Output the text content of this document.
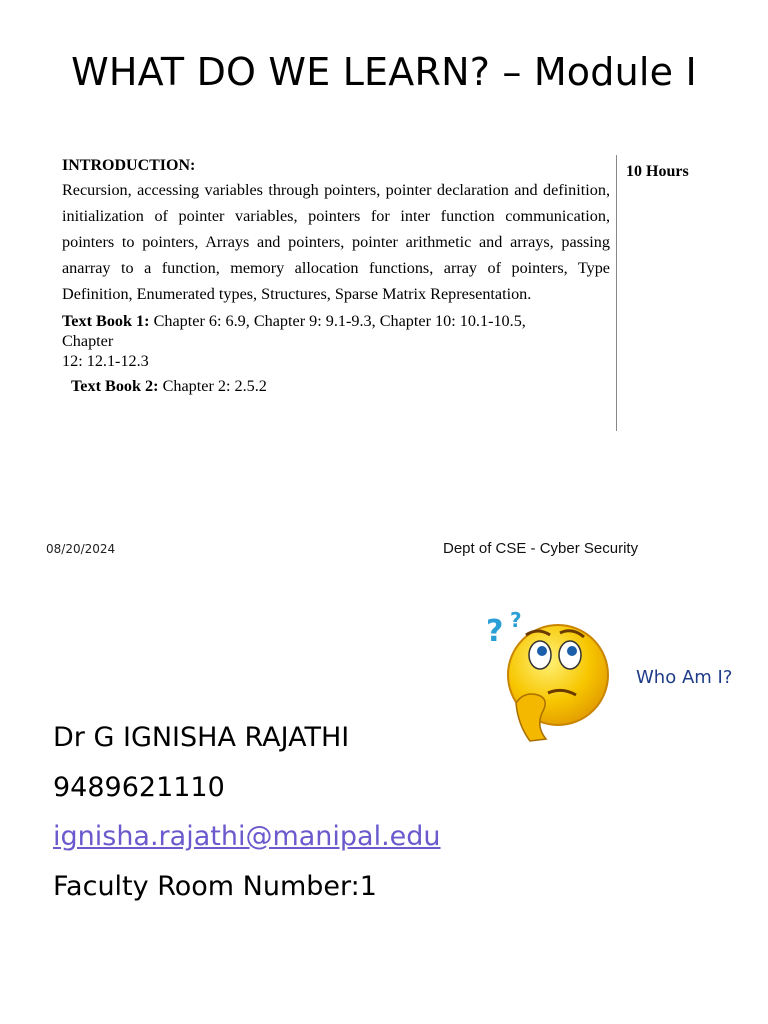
WHAT DO WE LEARN? – Module I
INTRODUCTION:
Recursion, accessing variables through pointers, pointer declaration and definition, initialization of pointer variables, pointers for inter function communication, pointers to pointers, Arrays and pointers, pointer arithmetic and arrays, passing anarray to a function, memory allocation functions, array of pointers, Type Definition, Enumerated types, Structures, Sparse Matrix Representation.
Text Book 1: Chapter 6: 6.9, Chapter 9: 9.1-9.3, Chapter 10: 10.1-10.5,
Chapter
12: 12.1-12.3
Text Book 2: Chapter 2: 2.5.2
10 Hours
08/20/2024	Dept of CSE - Cyber Security
? ?
Who Am I?
Dr G IGNISHA RAJATHI
9489621110
ignisha.rajathi@manipal.edu
Faculty Room Number:1
